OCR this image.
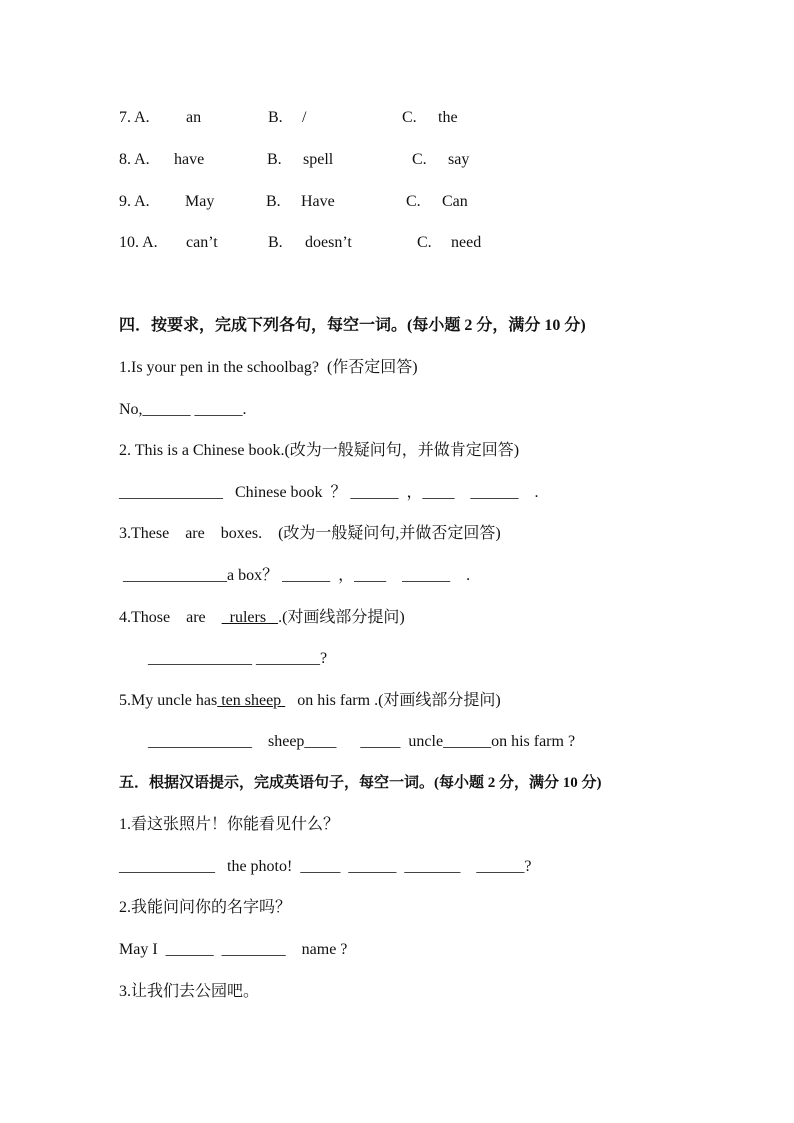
7. A. an	B. /	C. the
8. A. have	B. spell	C. say
9. A. May	B. Have	C. Can
10. A. can’t	B. doesn’t	C. need
四．按要求，完成下列各句，每空一词。(每小题 2 分，满分 10 分)
1.Is your pen in the schoolbag?  (作否定回答)
No,______ ______.
2. This is a Chinese book.(改为一般疑问句，并做肯定回答)
_____________   Chinese book  ？ ______  ，____    ______    .
3.These    are    boxes.    (改为一般疑问句,并做否定回答)
_____________a box？ ______  ，____    ______    .
4.Those    are      rulers   .(对画线部分提问)
_____________ ________?
5.My uncle has ten sheep    on his farm .(对画线部分提问)
_____________    sheep____      _____  uncle______on his farm ?
五．根据汉语提示，完成英语句子，每空一词。(每小题 2 分，满分 10 分)
1.看这张照片！你能看见什么？
____________   the photo!  _____  ______  _______    ______?
2.我能问问你的名字吗？
May I  ______  ________    name ?
3.让我们去公园吧。
